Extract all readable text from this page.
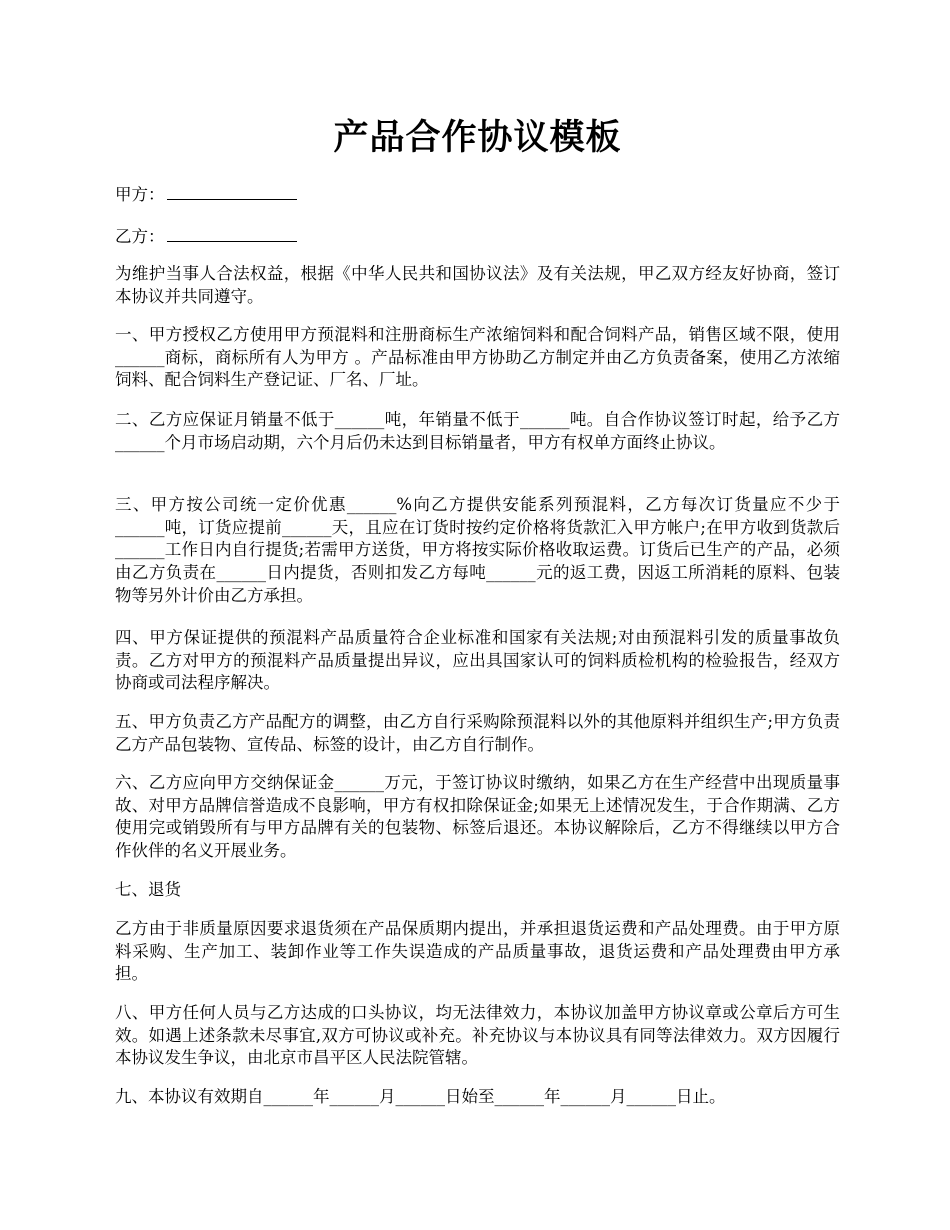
产品合作协议模板
甲方：
乙方：

为维护当事人合法权益，根据《中华人民共和国协议法》及有关法规，甲乙双方经友好协商，签订本协议并共同遵守。

一、甲方授权乙方使用甲方预混料和注册商标生产浓缩饲料和配合饲料产品，销售区域不限，使用______商标，商标所有人为甲方 。产品标准由甲方协助乙方制定并由乙方负责备案，使用乙方浓缩饲料、配合饲料生产登记证、厂名、厂址。

二、乙方应保证月销量不低于______吨，年销量不低于______吨。自合作协议签订时起，给予乙方______个月市场启动期，六个月后仍未达到目标销量者，甲方有权单方面终止协议。

三、甲方按公司统一定价优惠______%向乙方提供安能系列预混料，乙方每次订货量应不少于______吨，订货应提前______天，且应在订货时按约定价格将货款汇入甲方帐户;在甲方收到货款后______工作日内自行提货;若需甲方送货，甲方将按实际价格收取运费。订货后已生产的产品，必须由乙方负责在______日内提货，否则扣发乙方每吨______元的返工费，因返工所消耗的原料、包装物等另外计价由乙方承担。

四、甲方保证提供的预混料产品质量符合企业标准和国家有关法规;对由预混料引发的质量事故负责。乙方对甲方的预混料产品质量提出异议，应出具国家认可的饲料质检机构的检验报告，经双方协商或司法程序解决。

五、甲方负责乙方产品配方的调整，由乙方自行采购除预混料以外的其他原料并组织生产;甲方负责乙方产品包装物、宣传品、标签的设计，由乙方自行制作。

六、乙方应向甲方交纳保证金______万元，于签订协议时缴纳，如果乙方在生产经营中出现质量事故、对甲方品牌信誉造成不良影响，甲方有权扣除保证金;如果无上述情况发生，于合作期满、乙方使用完或销毁所有与甲方品牌有关的包装物、标签后退还。本协议解除后，乙方不得继续以甲方合作伙伴的名义开展业务。

七、退货

乙方由于非质量原因要求退货须在产品保质期内提出，并承担退货运费和产品处理费。由于甲方原料采购、生产加工、装卸作业等工作失误造成的产品质量事故，退货运费和产品处理费由甲方承担。

八、甲方任何人员与乙方达成的口头协议，均无法律效力，本协议加盖甲方协议章或公章后方可生效。如遇上述条款未尽事宜,双方可协议或补充。补充协议与本协议具有同等法律效力。双方因履行本协议发生争议，由北京市昌平区人民法院管辖。

九、本协议有效期自______年______月______日始至______年______月______日止。
